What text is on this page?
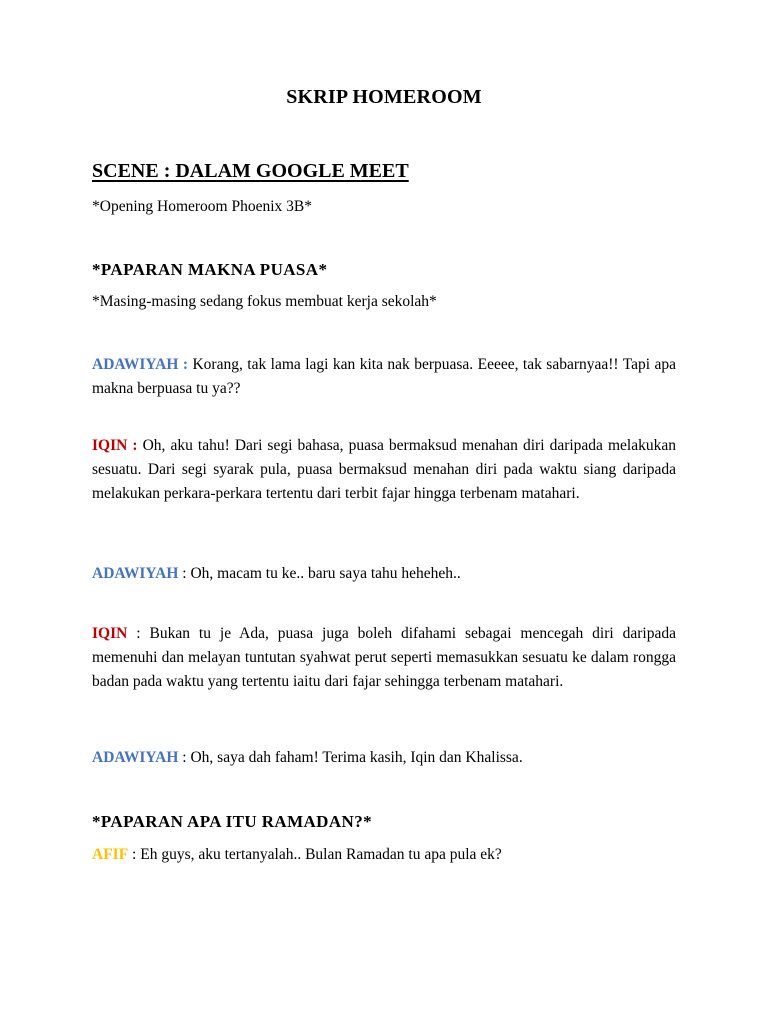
SKRIP HOMEROOM
SCENE : DALAM GOOGLE MEET

*Opening Homeroom Phoenix 3B*

*PAPARAN MAKNA PUASA*

*Masing-masing sedang fokus membuat kerja sekolah*

ADAWIYAH : Korang, tak lama lagi kan kita nak berpuasa. Eeeee, tak sabarnyaa!! Tapi apa makna berpuasa tu ya??

IQIN : Oh, aku tahu! Dari segi bahasa, puasa bermaksud menahan diri daripada melakukan sesuatu. Dari segi syarak pula, puasa bermaksud menahan diri pada waktu siang daripada melakukan perkara-perkara tertentu dari terbit fajar hingga terbenam matahari.

ADAWIYAH : Oh, macam tu ke.. baru saya tahu heheheh..

IQIN : Bukan tu je Ada, puasa juga boleh difahami sebagai mencegah diri daripada memenuhi dan melayan tuntutan syahwat perut seperti memasukkan sesuatu ke dalam rongga badan pada waktu yang tertentu iaitu dari fajar sehingga terbenam matahari.

ADAWIYAH : Oh, saya dah faham! Terima kasih, Iqin dan Khalissa.

*PAPARAN APA ITU RAMADAN?*

AFIF : Eh guys, aku tertanyalah.. Bulan Ramadan tu apa pula ek?
